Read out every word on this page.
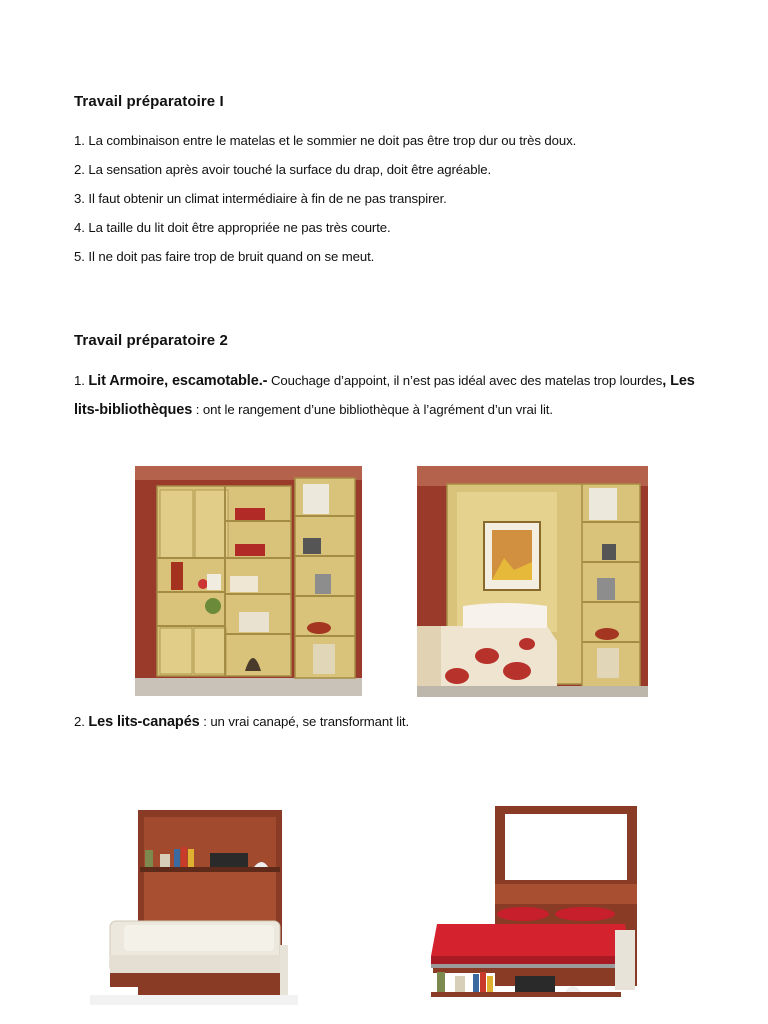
Travail préparatoire I
1. La combinaison entre le matelas et le sommier ne doit pas être trop dur ou très doux.
2. La sensation après avoir touché la surface du drap, doit être agréable.
3. Il faut obtenir un climat intermédiaire à fin de ne pas transpirer.
4. La taille du lit doit être appropriée ne pas très courte.
5. Il ne doit pas faire trop de bruit quand on se meut.
Travail préparatoire 2

1. Lit Armoire, escamotable.- Couchage d’appoint, il n’est pas idéal avec des matelas trop lourdes, Les lits-bibliothèques : ont le rangement d’une bibliothèque à l’agrément d’un vrai lit.

2. Les lits-canapés : un vrai canapé, se transformant lit.
